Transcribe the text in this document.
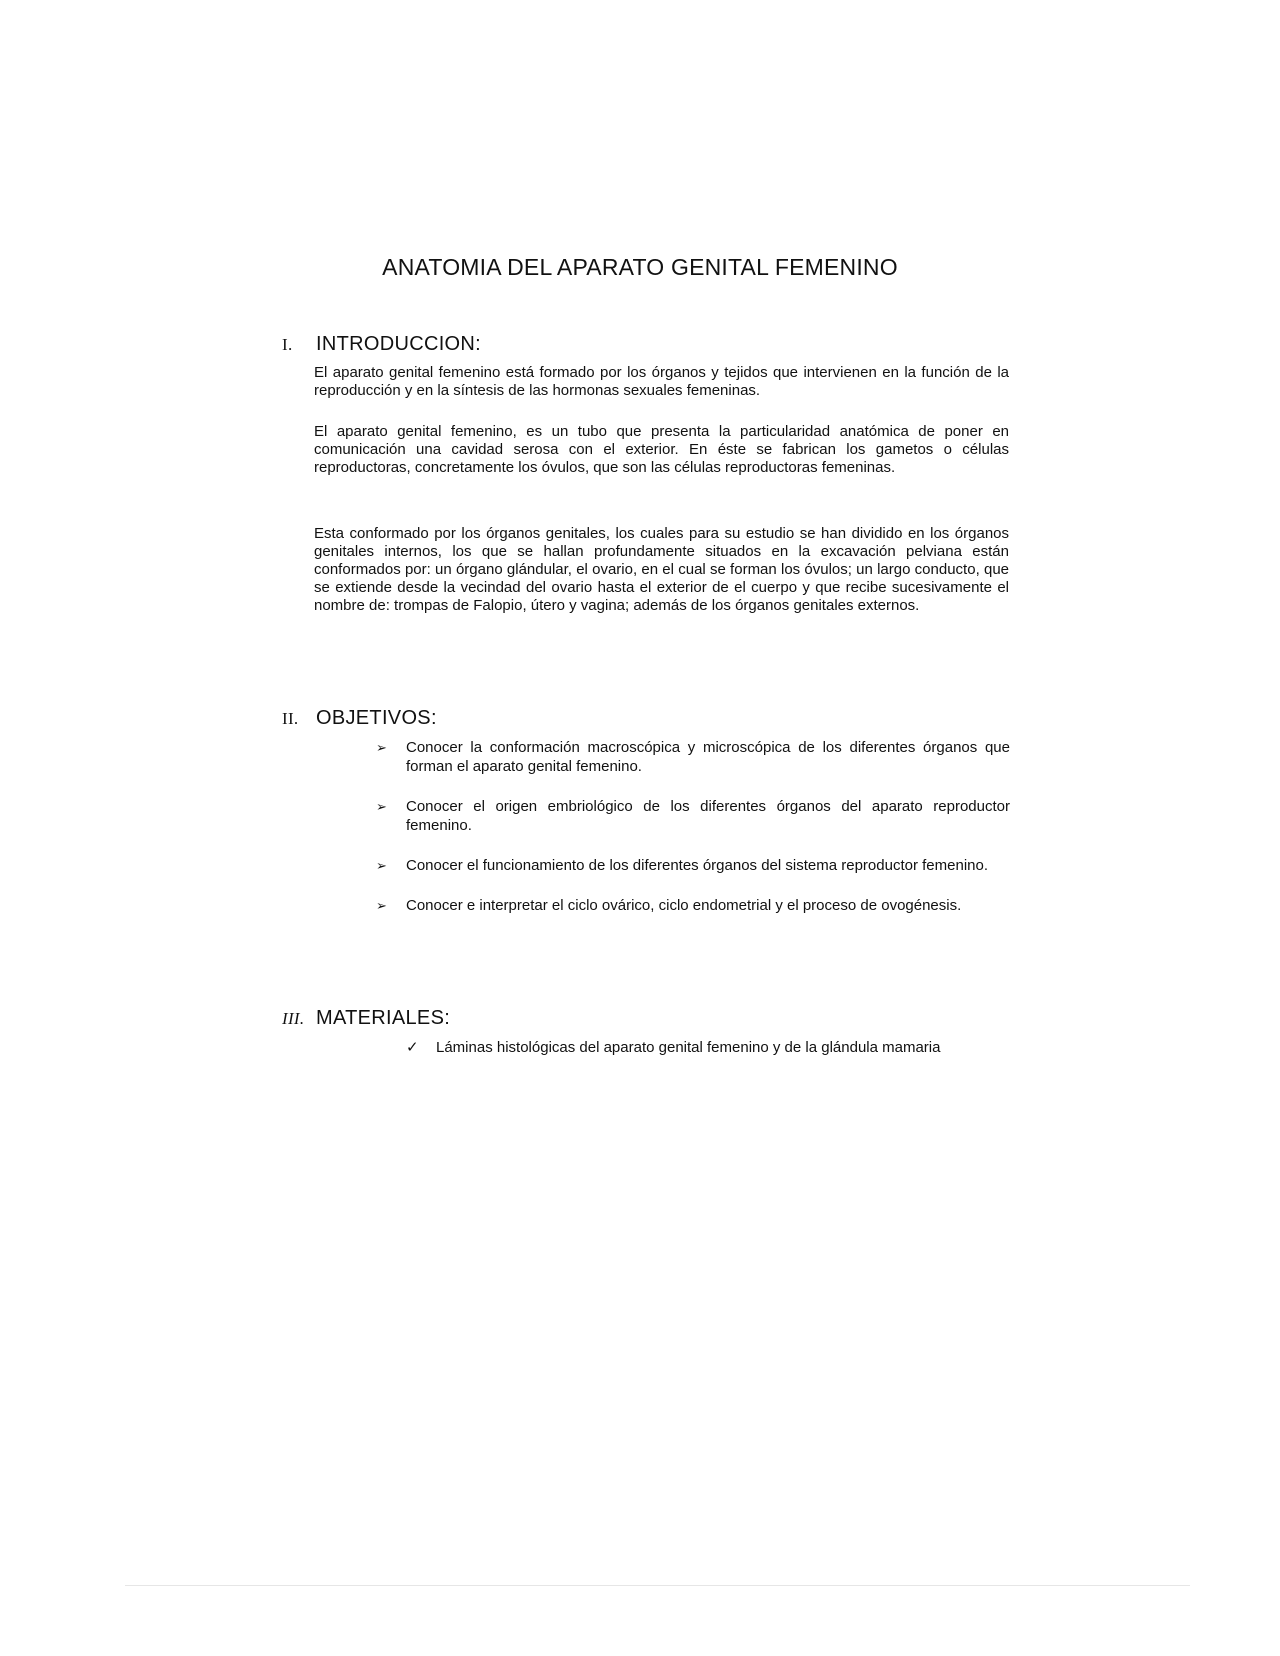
ANATOMIA DEL APARATO GENITAL FEMENINO
I. INTRODUCCION:

El aparato genital femenino está formado por los órganos y tejidos que intervienen en la función de la reproducción y en la síntesis de las hormonas sexuales femeninas.

El aparato genital femenino, es un tubo que presenta la particularidad anatómica de poner en comunicación una cavidad serosa con el exterior. En éste se fabrican los gametos o células reproductoras, concretamente los óvulos, que son las células reproductoras femeninas.

Esta conformado por los órganos genitales, los cuales para su estudio se han dividido en los órganos genitales internos, los que se hallan profundamente situados en la excavación pelviana están conformados por: un órgano glándular, el ovario, en el cual se forman los óvulos; un largo conducto, que se extiende desde la vecindad del ovario hasta el exterior de el cuerpo y que recibe sucesivamente el nombre de: trompas de Falopio, útero y vagina; además de los órganos genitales externos.

II. OBJETIVOS:
➢ Conocer la conformación macroscópica y microscópica de los diferentes órganos que forman el aparato genital femenino.
➢ Conocer el origen embriológico de los diferentes órganos del aparato reproductor femenino.
➢ Conocer el funcionamiento de los diferentes órganos del sistema reproductor femenino.
➢ Conocer e interpretar el ciclo ovárico, ciclo endometrial y el proceso de ovogénesis.
III. MATERIALES:
✓ Láminas histológicas del aparato genital femenino y de la glándula mamaria
